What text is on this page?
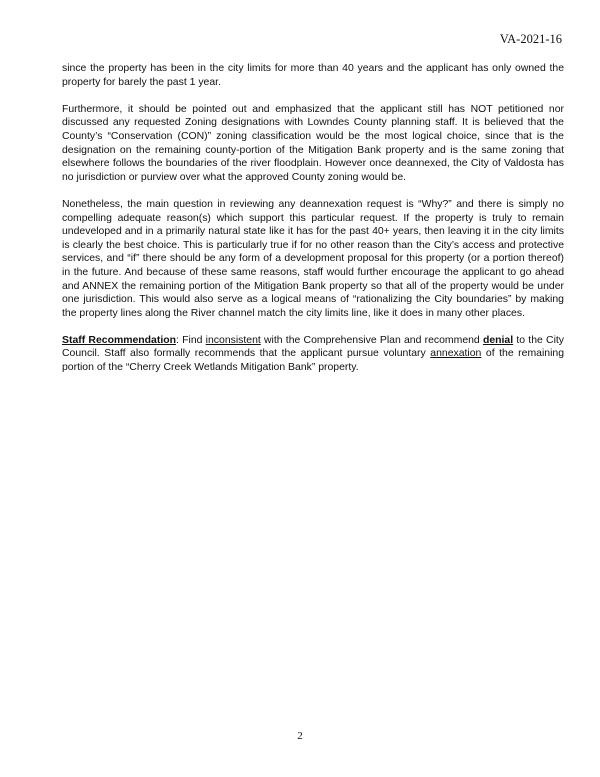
VA-2021-16

since the property has been in the city limits for more than 40 years and the applicant has only owned the property for barely the past 1 year.

Furthermore, it should be pointed out and emphasized that the applicant still has NOT petitioned nor discussed any requested Zoning designations with Lowndes County planning staff. It is believed that the County’s “Conservation (CON)” zoning classification would be the most logical choice, since that is the designation on the remaining county-portion of the Mitigation Bank property and is the same zoning that elsewhere follows the boundaries of the river floodplain. However once deannexed, the City of Valdosta has no jurisdiction or purview over what the approved County zoning would be.

Nonetheless, the main question in reviewing any deannexation request is “Why?” and there is simply no compelling adequate reason(s) which support this particular request. If the property is truly to remain undeveloped and in a primarily natural state like it has for the past 40+ years, then leaving it in the city limits is clearly the best choice. This is particularly true if for no other reason than the City’s access and protective services, and “if” there should be any form of a development proposal for this property (or a portion thereof) in the future. And because of these same reasons, staff would further encourage the applicant to go ahead and ANNEX the remaining portion of the Mitigation Bank property so that all of the property would be under one jurisdiction. This would also serve as a logical means of “rationalizing the City boundaries” by making the property lines along the River channel match the city limits line, like it does in many other places.

Staff Recommendation: Find inconsistent with the Comprehensive Plan and recommend denial to the City Council. Staff also formally recommends that the applicant pursue voluntary annexation of the remaining portion of the “Cherry Creek Wetlands Mitigation Bank” property.

2
